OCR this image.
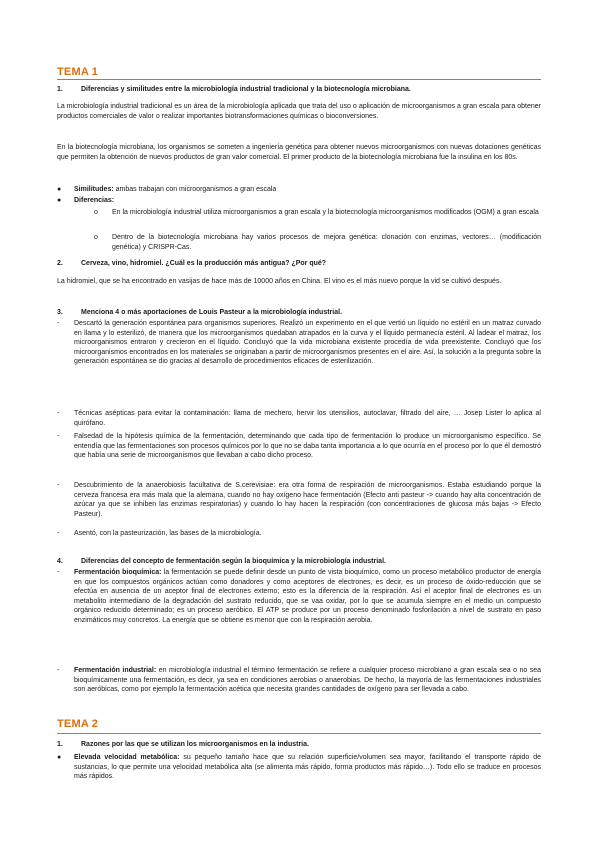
TEMA 1
1.	Diferencias y similitudes entre la microbiología industrial tradicional y la biotecnología microbiana.
La microbiología industrial tradicional es un área de la microbiología aplicada que trata del uso o aplicación de microorganismos a gran escala para obtener productos comerciales de valor o realizar importantes biotransformaciones químicas o bioconversiones.
En la biotecnología microbiana, los organismos se someten a ingeniería genética para obtener nuevos microorganismos con nuevas dotaciones genéticas que permiten la obtención de nuevos productos de gran valor comercial. El primer producto de la biotecnología microbiana fue la insulina en los 80s.
● Similitudes: ambas trabajan con microorganismos a gran escala
● Diferencias:
o En la microbiología industrial utiliza microorganismos a gran escala y la biotecnología microorganismos modificados (OGM) a gran escala
o Dentro de la biotecnología microbiana hay varios procesos de mejora genética: clonación con enzimas, vectores… (modificación genética) y CRISPR-Cas.
2.	Cerveza, vino, hidromiel. ¿Cuál es la producción más antigua? ¿Por qué?
La hidromiel, que se ha encontrado en vasijas de hace más de 10000 años en China. El vino es el más nuevo porque la vid se cultivó después.
3.	Menciona 4 o más aportaciones de Louis Pasteur a la microbiología industrial.
- Descartó la generación espontánea para organismos superiores. Realizó un experimento en el que vertió un líquido no estéril en un matraz curvado en llama y lo esterilizó, de manera que los microorganismos quedaban atrapados en la curva y el líquido permanecía estéril. Al ladear el matraz, los microorganismos entraron y crecieron en el líquido. Concluyó que la vida microbiana existente procedía de vida preexistente. Concluyó que los microorganismos encontrados en los materiales se originaban a partir de microorganismos presentes en el aire. Así, la solución a la pregunta sobre la generación espontánea se dio gracias al desarrollo de procedimientos eficaces de esterilización.
- Técnicas asépticas para evitar la contaminación: llama de mechero, hervir los utensilios, autoclavar, filtrado del aire, … Josep Lister lo aplica al quirófano.
- Falsedad de la hipótesis química de la fermentación, determinando que cada tipo de fermentación lo produce un microorganismo específico. Se entendía que las fermentaciones son procesos químicos por lo que no se daba tanta importancia a lo que ocurría en el proceso por lo que él demostró que había una serie de microorganismos que llevaban a cabo dicho proceso.
- Descubrimiento de la anaerobiosis facultativa de S.cerevisiae: era otra forma de respiración de microorganismos. Estaba estudiando porque la cerveza francesa era más mala que la alemana, cuando no hay oxígeno hace fermentación (Efecto anti pasteur -> cuando hay alta concentración de azúcar ya que se inhiben las enzimas respiratorias) y cuando lo hay hacen la respiración (con concentraciones de glucosa más bajas -> Efecto Pasteur).
- Asentó, con la pasteurización, las bases de la microbiología.
4.	Diferencias del concepto de fermentación según la bioquímica y la microbiología industrial.
- Fermentación bioquímica: la fermentación se puede definir desde un punto de vista bioquímico, como un proceso metabólico productor de energía en que los compuestos orgánicos actúan como donadores y como aceptores de electrones, es decir, es un proceso de óxido-reducción que se efectúa en ausencia de un aceptor final de electrones externo; esto es la diferencia de la respiración. Así el aceptor final de electrones es un metabolito intermediario de la degradación del sustrato reducido, que se vaa oxidar, por lo que se acumula siempre en el medio un compuesto orgánico reducido determinado; es un proceso aeróbico. El ATP se produce por un proceso denominado fosforilación a nivel de sustrato en paso enzimáticos muy concretos. La energía que se obtiene es menor que con la respiración aerobia.
- Fermentación industrial: en microbiología industrial el término fermentación se refiere a cualquier proceso microbiano a gran escala sea o no sea bioquímicamente una fermentación, es decir, ya sea en condiciones aerobias o anaerobias. De hecho, la mayoría de las fermentaciones industriales son aeróbicas, como por ejemplo la fermentación acética que necesita grandes cantidades de oxígeno para ser llevada a cabo.
TEMA 2
1.	Razones por las que se utilizan los microorganismos en la industria.
● Elevada velocidad metabólica: su pequeño tamaño hace que su relación superficie/volumen sea mayor, facilitando el transporte rápido de sustancias, lo que permite una velocidad metabólica alta (se alimenta más rápido, forma productos más rápido…). Todo ello se traduce en procesos más rápidos.
